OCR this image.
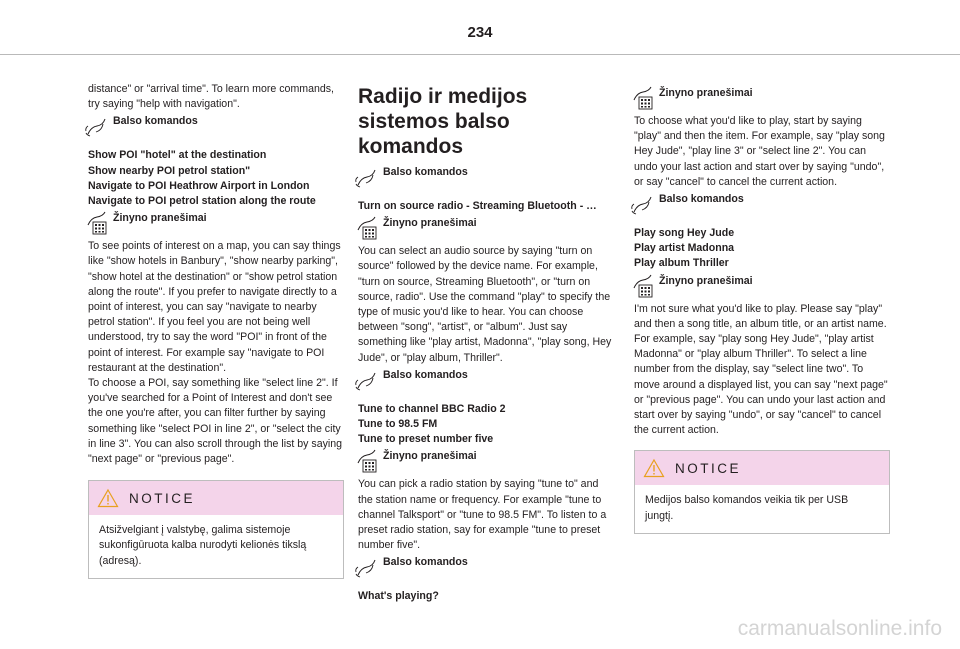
234

distance" or "arrival time". To learn more commands, try saying "help with navigation".

Balso komandos

Show POI "hotel" at the destination

Show nearby POI petrol station"

Navigate to POI Heathrow Airport in London

Navigate to POI petrol station along the route

Žinyno pranešimai

To see points of interest on a map, you can say things like "show hotels in Banbury", "show nearby parking", "show hotel at the destination" or "show petrol station along the route". If you prefer to navigate directly to a point of interest, you can say "navigate to nearby petrol station". If you feel you are not being well understood, try to say the word "POI" in front of the point of interest. For example say "navigate to POI restaurant at the destination".

To choose a POI, say something like "select line 2". If you've searched for a Point of Interest and don't see the one you're after, you can filter further by saying something like "select POI in line 2", or "select the city in line 3". You can also scroll through the list by saying "next page" or "previous page".

NOTICE

Atsižvelgiant į valstybę, galima sistemoje sukonfigūruota kalba nurodyti kelionės tikslą (adresą).

Radijo ir medijos sistemos balso komandos
Balso komandos

Turn on source radio - Streaming Bluetooth - …

Žinyno pranešimai

You can select an audio source by saying "turn on source" followed by the device name. For example, "turn on source, Streaming Bluetooth", or "turn on source, radio". Use the command "play" to specify the type of music you'd like to hear. You can choose between "song", "artist", or "album". Just say something like "play artist, Madonna", "play song, Hey Jude", or "play album, Thriller".

Balso komandos

Tune to channel BBC Radio 2

Tune to 98.5 FM

Tune to preset number five

Žinyno pranešimai

You can pick a radio station by saying "tune to" and the station name or frequency. For example "tune to channel Talksport" or "tune to 98.5 FM". To listen to a preset radio station, say for example "tune to preset number five".

Balso komandos

What's playing?

Žinyno pranešimai

To choose what you'd like to play, start by saying "play" and then the item. For example, say "play song Hey Jude", "play line 3" or "select line 2". You can undo your last action and start over by saying "undo", or say "cancel" to cancel the current action.

Balso komandos

Play song Hey Jude

Play artist Madonna

Play album Thriller

Žinyno pranešimai

I'm not sure what you'd like to play. Please say "play" and then a song title, an album title, or an artist name. For example, say "play song Hey Jude", "play artist Madonna" or "play album Thriller". To select a line number from the display, say "select line two". To move around a displayed list, you can say "next page" or "previous page". You can undo your last action and start over by saying "undo", or say "cancel" to cancel the current action.

NOTICE

Medijos balso komandos veikia tik per USB jungtį.

carmanualsonline.info
